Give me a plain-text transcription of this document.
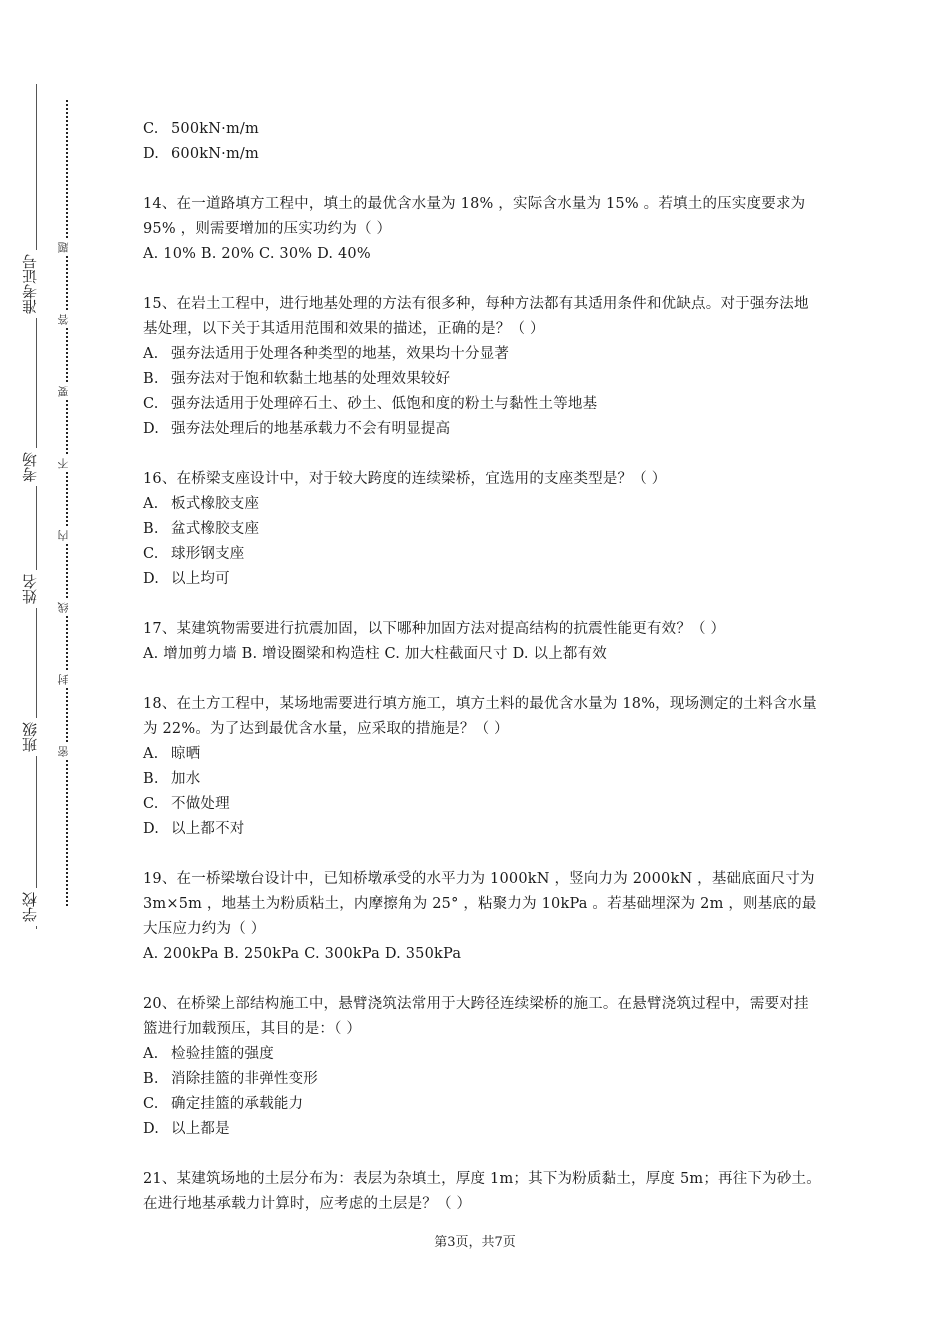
准考证号
考场
姓名
班级
学校
题
答
要
不
内
线
封
密
C. 500kN·m/m
D. 600kN·m/m
14、在一道路填方工程中，填土的最优含水量为 18% ，实际含水量为 15% 。若填土的压实度要求为 95% ，则需要增加的压实功约为（ ）
A. 10% B. 20% C. 30% D. 40%
15、在岩土工程中，进行地基处理的方法有很多种，每种方法都有其适用条件和优缺点。对于强夯法地基处理，以下关于其适用范围和效果的描述，正确的是？（ ）
A. 强夯法适用于处理各种类型的地基，效果均十分显著
B. 强夯法对于饱和软黏土地基的处理效果较好
C. 强夯法适用于处理碎石土、砂土、低饱和度的粉土与黏性土等地基
D. 强夯法处理后的地基承载力不会有明显提高
16、在桥梁支座设计中，对于较大跨度的连续梁桥，宜选用的支座类型是？（ ）
A. 板式橡胶支座
B. 盆式橡胶支座
C. 球形钢支座
D. 以上均可
17、某建筑物需要进行抗震加固，以下哪种加固方法对提高结构的抗震性能更有效？（ ）
A. 增加剪力墙 B. 增设圈梁和构造柱 C. 加大柱截面尺寸 D. 以上都有效
18、在土方工程中，某场地需要进行填方施工，填方土料的最优含水量为 18%，现场测定的土料含水量为 22%。为了达到最优含水量，应采取的措施是？（ ）
A. 晾晒
B. 加水
C. 不做处理
D. 以上都不对
19、在一桥梁墩台设计中，已知桥墩承受的水平力为 1000kN ，竖向力为 2000kN ，基础底面尺寸为 3m×5m ，地基土为粉质粘土，内摩擦角为 25° ，粘聚力为 10kPa 。若基础埋深为 2m ，则基底的最大压应力约为（ ）
A. 200kPa B. 250kPa C. 300kPa D. 350kPa
20、在桥梁上部结构施工中，悬臂浇筑法常用于大跨径连续梁桥的施工。在悬臂浇筑过程中，需要对挂篮进行加载预压，其目的是：（ ）
A. 检验挂篮的强度
B. 消除挂篮的非弹性变形
C. 确定挂篮的承载能力
D. 以上都是
21、某建筑场地的土层分布为：表层为杂填土，厚度 1m；其下为粉质黏土，厚度 5m；再往下为砂土。在进行地基承载力计算时，应考虑的土层是？（ ）
第3页，共7页
